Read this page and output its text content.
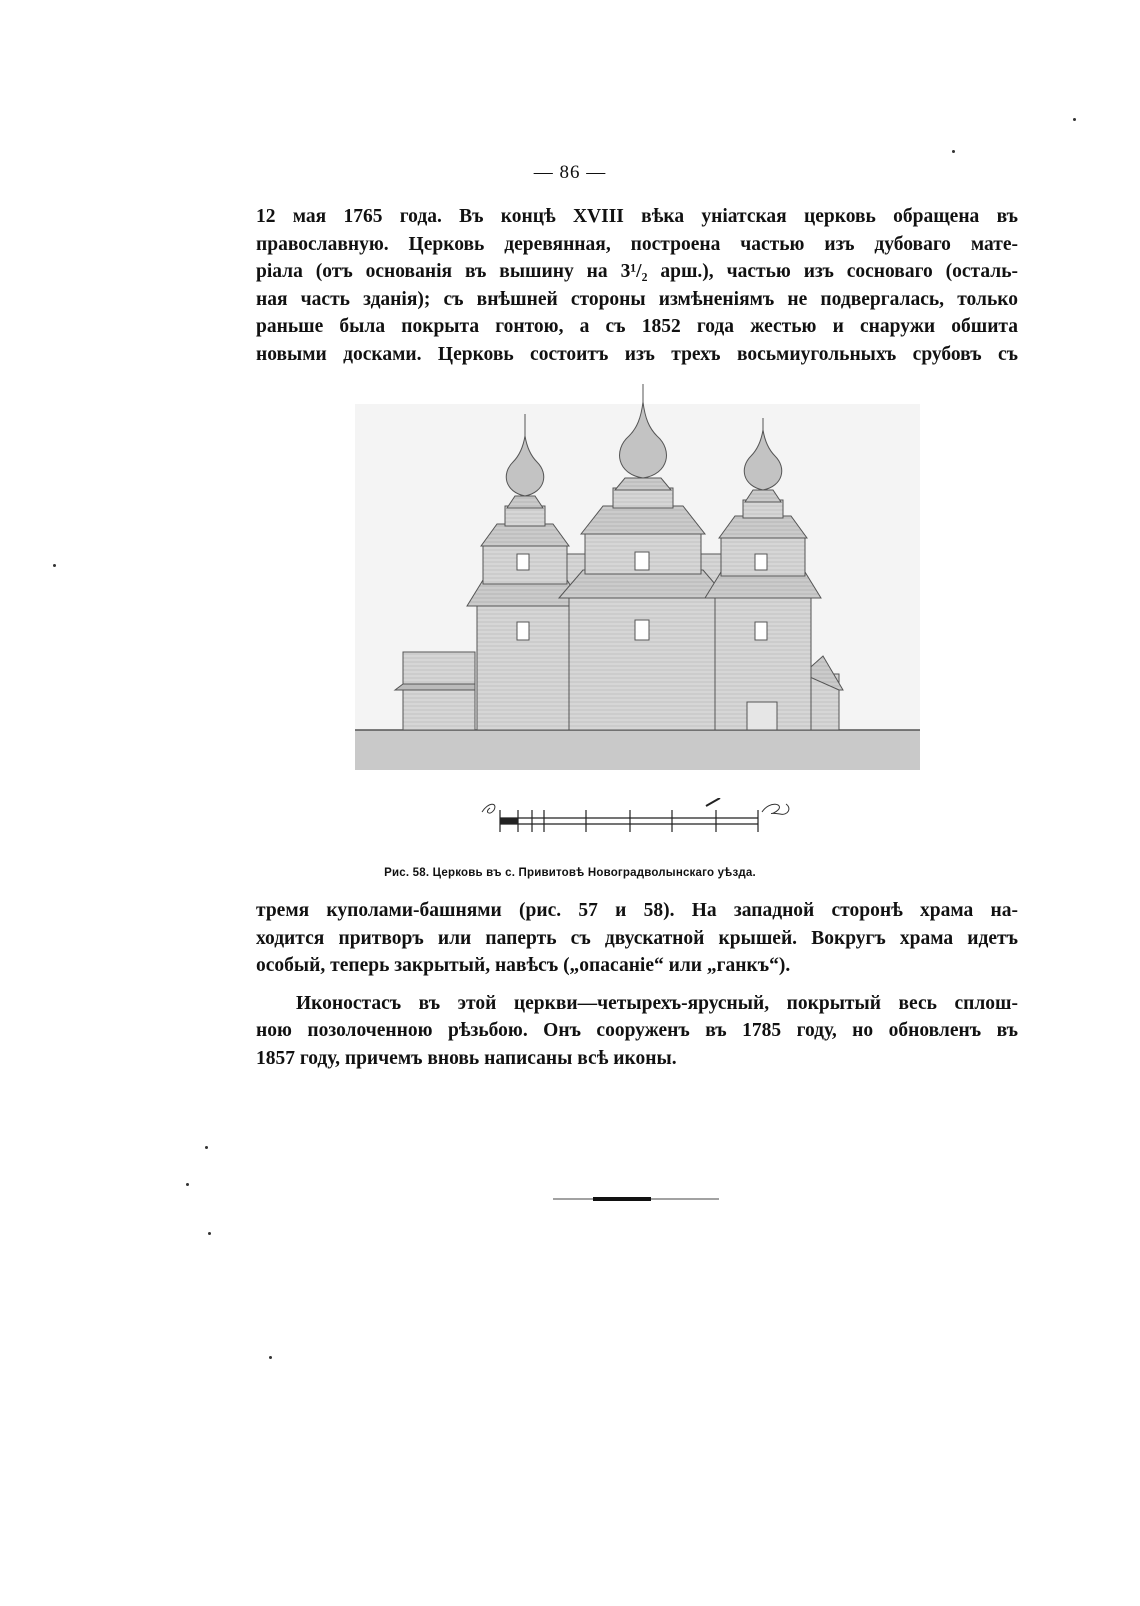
— 86 —

12 мая 1765 года. Въ концѣ XVIII вѣка уніатская церковь обращена въ
православную. Церковь деревянная, построена частью изъ дубоваго мате-
ріала (отъ основанія въ вышину на 3¹/₂ арш.), частью изъ сосноваго (осталь-
ная часть зданія); съ внѣшней стороны измѣненіямъ не подвергалась, только
раньше была покрыта гонтою, а съ 1852 года жестью и снаружи обшита
новыми досками. Церковь состоитъ изъ трехъ восьмиугольныхъ срубовъ съ

Рис. 58. Церковь въ с. Привитовѣ Новоградволынскаго уѣзда.

тремя куполами-башнями (рис. 57 и 58). На западной сторонѣ храма на-
ходится притворъ или паперть съ двускатной крышей. Вокругъ храма идетъ
особый, теперь закрытый, навѣсъ („опасаніе“ или „ганкъ“).

Иконостасъ въ этой церкви—четырехъ-ярусный, покрытый весь сплош-
ною позолоченною рѣзьбою. Онъ сооруженъ въ 1785 году, но обновленъ въ
1857 году, причемъ вновь написаны всѣ иконы.
